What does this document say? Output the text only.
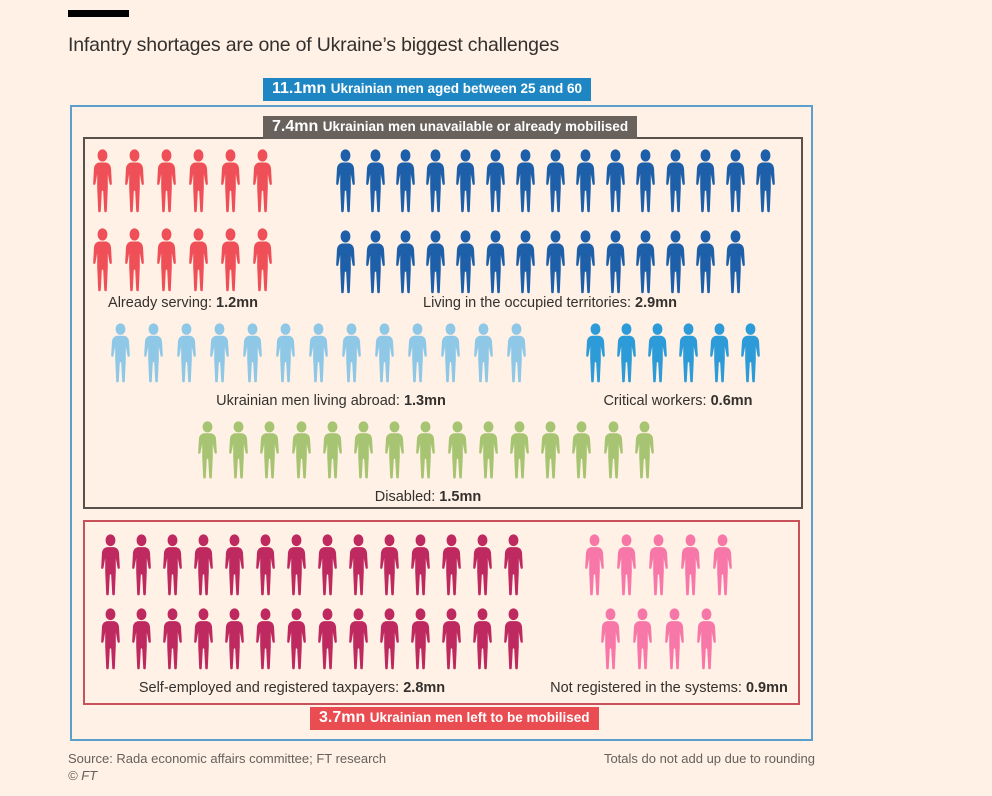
Infantry shortages are one of Ukraine’s biggest challenges
11.1mn Ukrainian men aged between 25 and 60
7.4mn Ukrainian men unavailable or already mobilised
3.7mn Ukrainian men left to be mobilised
Already serving: 1.2mn	Living in the occupied territories: 2.9mn
Ukrainian men living abroad: 1.3mn	Critical workers: 0.6mn
Disabled: 1.5mn
Self-employed and registered taxpayers: 2.8mn	Not registered in the systems: 0.9mn
Source: Rada economic affairs committee; FT research
© FT
Totals do not add up due to rounding
